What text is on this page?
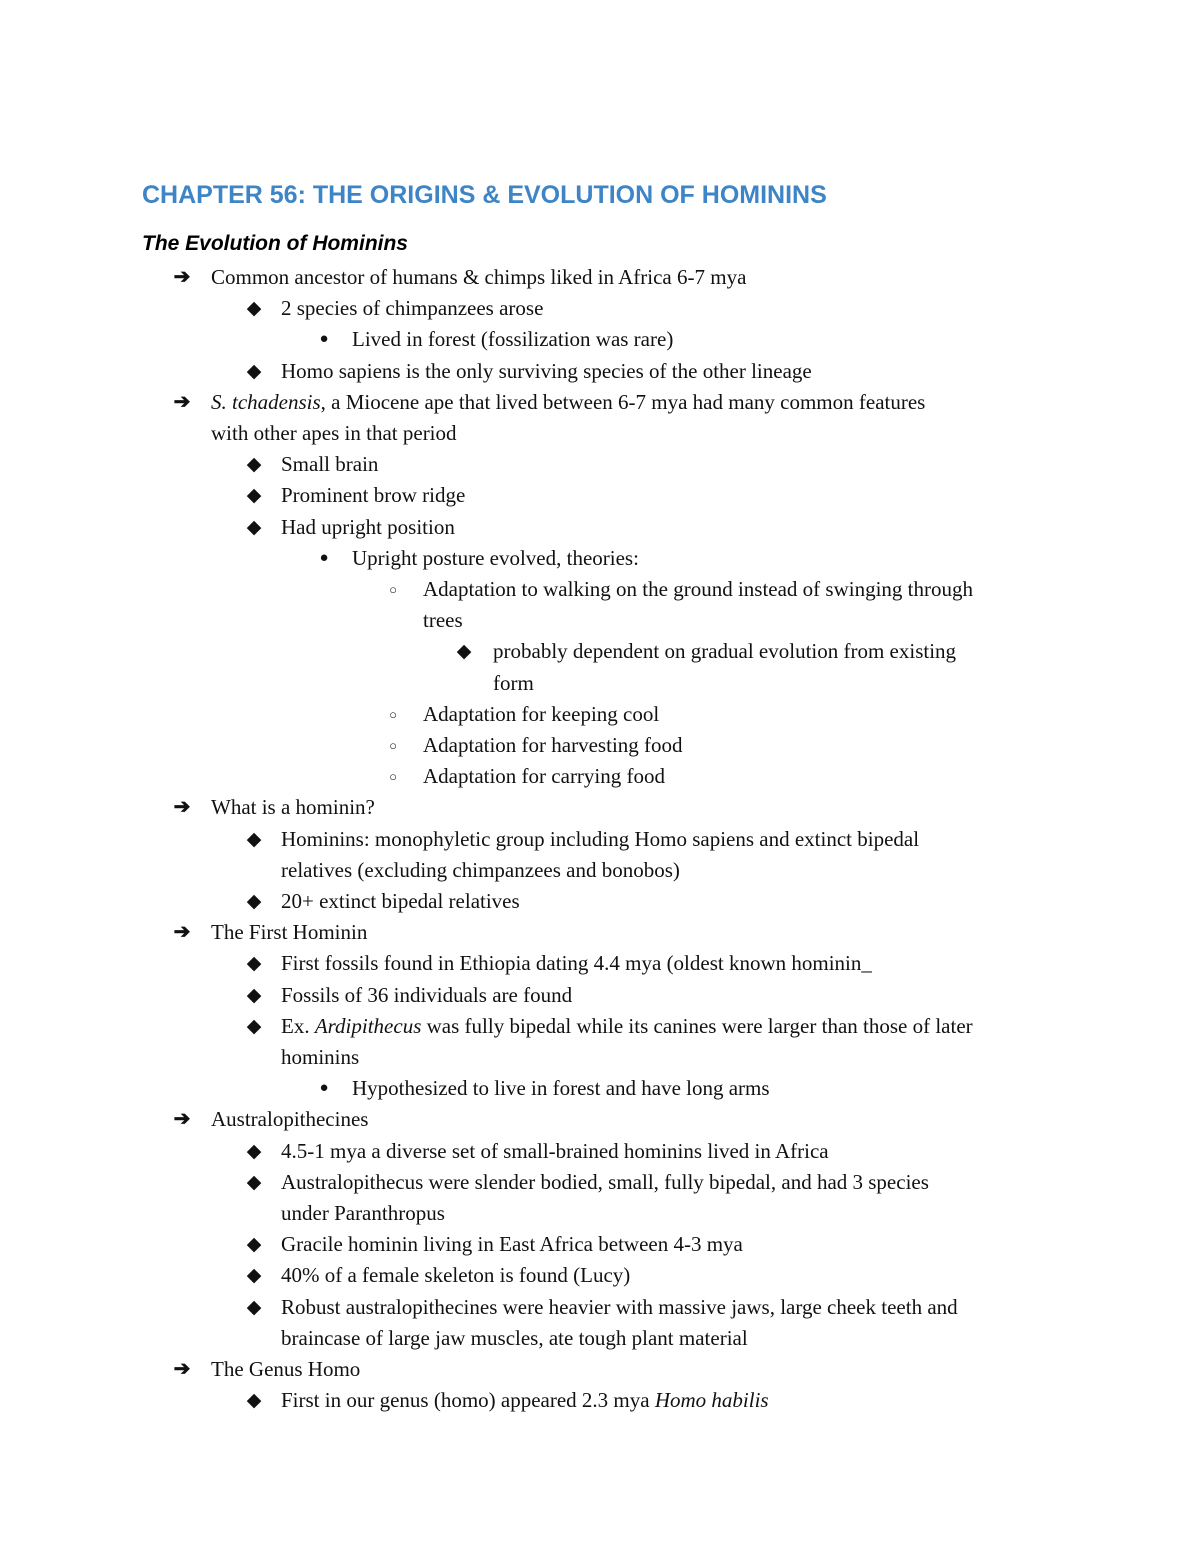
CHAPTER 56: THE ORIGINS & EVOLUTION OF HOMININS
The Evolution of Hominins
➔ Common ancestor of humans & chimps liked in Africa 6-7 mya
◆ 2 species of chimpanzees arose
● Lived in forest (fossilization was rare)
◆ Homo sapiens is the only surviving species of the other lineage
➔ S. tchadensis, a Miocene ape that lived between 6-7 mya had many common features
with other apes in that period
◆ Small brain
◆ Prominent brow ridge
◆ Had upright position
● Upright posture evolved, theories:
○ Adaptation to walking on the ground instead of swinging through
trees
◆ probably dependent on gradual evolution from existing
form
○ Adaptation for keeping cool
○ Adaptation for harvesting food
○ Adaptation for carrying food
➔ What is a hominin?
◆ Hominins: monophyletic group including Homo sapiens and extinct bipedal
relatives (excluding chimpanzees and bonobos)
◆ 20+ extinct bipedal relatives
➔ The First Hominin
◆ First fossils found in Ethiopia dating 4.4 mya (oldest known hominin_
◆ Fossils of 36 individuals are found
◆ Ex. Ardipithecus was fully bipedal while its canines were larger than those of later
hominins
● Hypothesized to live in forest and have long arms
➔ Australopithecines
◆ 4.5-1 mya a diverse set of small-brained hominins lived in Africa
◆ Australopithecus were slender bodied, small, fully bipedal, and had 3 species
under Paranthropus
◆ Gracile hominin living in East Africa between 4-3 mya
◆ 40% of a female skeleton is found (Lucy)
◆ Robust australopithecines were heavier with massive jaws, large cheek teeth and
braincase of large jaw muscles, ate tough plant material
➔ The Genus Homo
◆ First in our genus (homo) appeared 2.3 mya Homo habilis
